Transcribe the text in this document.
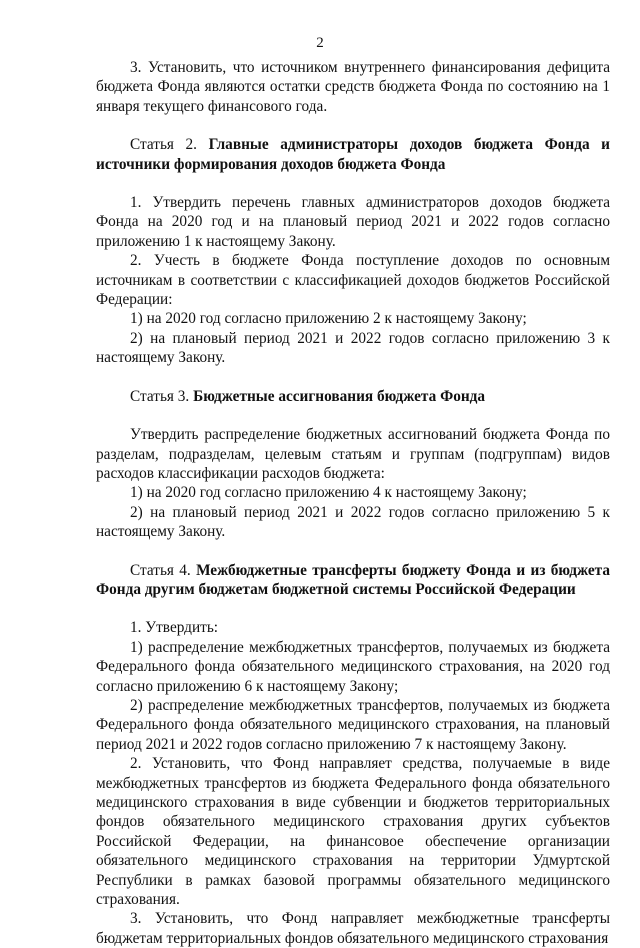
2

3. Установить, что источником внутреннего финансирования дефицита бюджета Фонда являются остатки средств бюджета Фонда по состоянию на 1 января текущего финансового года.

Статья 2. Главные администраторы доходов бюджета Фонда и источники формирования доходов бюджета Фонда

1. Утвердить перечень главных администраторов доходов бюджета Фонда на 2020 год и на плановый период 2021 и 2022 годов согласно приложению 1 к настоящему Закону.

2. Учесть в бюджете Фонда поступление доходов по основным источникам в соответствии с классификацией доходов бюджетов Российской Федерации:

1) на 2020 год согласно приложению 2 к настоящему Закону;

2) на плановый период 2021 и 2022 годов согласно приложению 3 к настоящему Закону.

Статья 3. Бюджетные ассигнования бюджета Фонда

Утвердить распределение бюджетных ассигнований бюджета Фонда по разделам, подразделам, целевым статьям и группам (подгруппам) видов расходов классификации расходов бюджета:

1) на 2020 год согласно приложению 4 к настоящему Закону;

2) на плановый период 2021 и 2022 годов согласно приложению 5 к настоящему Закону.

Статья 4. Межбюджетные трансферты бюджету Фонда и из бюджета Фонда другим бюджетам бюджетной системы Российской Федерации

1. Утвердить:

1) распределение межбюджетных трансфертов, получаемых из бюджета Федерального фонда обязательного медицинского страхования, на 2020 год согласно приложению 6 к настоящему Закону;

2) распределение межбюджетных трансфертов, получаемых из бюджета Федерального фонда обязательного медицинского страхования, на плановый период 2021 и 2022 годов согласно приложению 7 к настоящему Закону.

2. Установить, что Фонд направляет средства, получаемые в виде межбюджетных трансфертов из бюджета Федерального фонда обязательного медицинского страхования в виде субвенции и бюджетов территориальных фондов обязательного медицинского страхования других субъектов Российской Федерации, на финансовое обеспечение организации обязательного медицинского страхования на территории Удмуртской Республики в рамках базовой программы обязательного медицинского страхования.

3. Установить, что Фонд направляет межбюджетные трансферты бюджетам территориальных фондов обязательного медицинского страхования
